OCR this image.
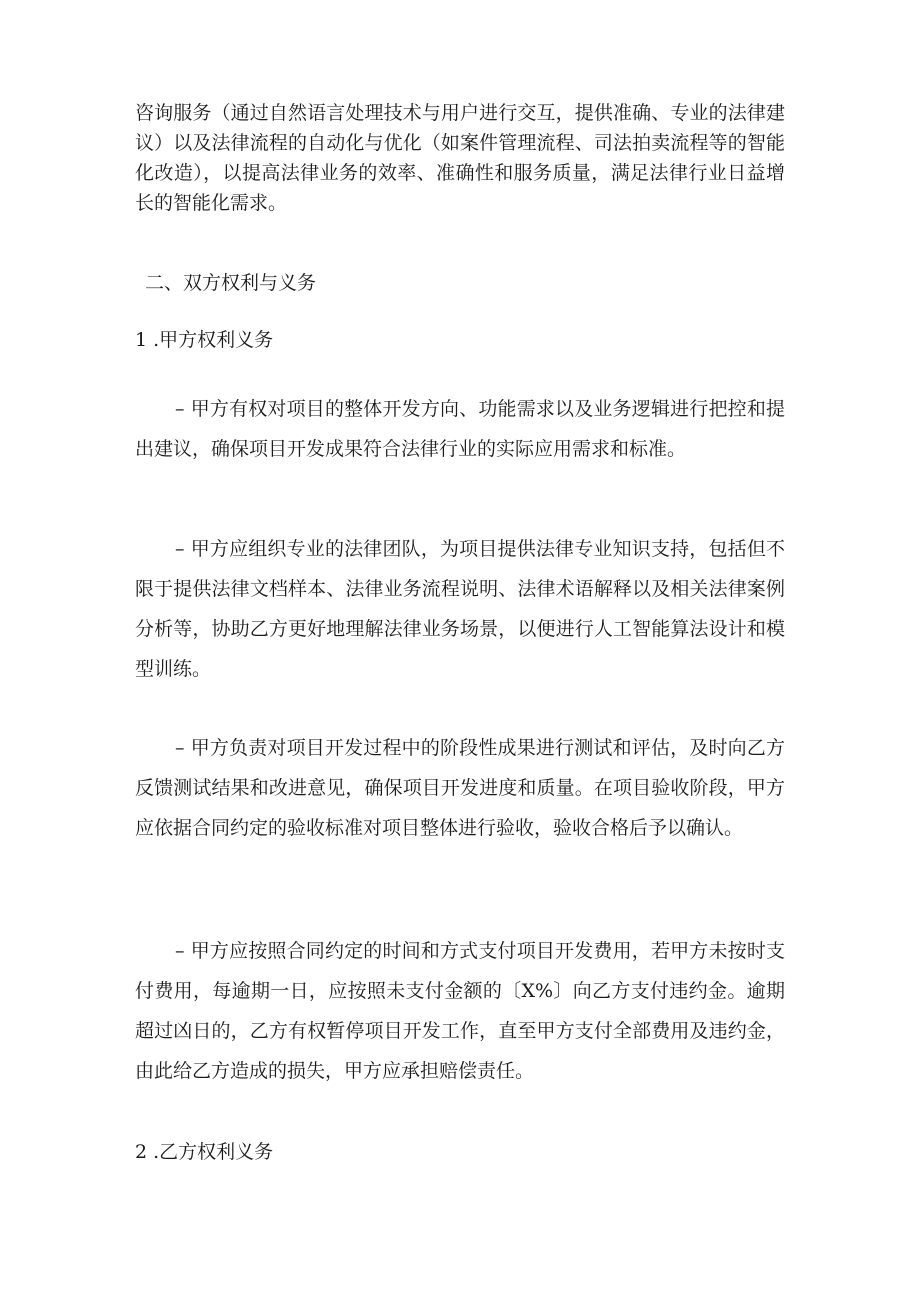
咨询服务（通过自然语言处理技术与用户进行交互，提供准确、专业的法律建议）以及法律流程的自动化与优化（如案件管理流程、司法拍卖流程等的智能化改造），以提高法律业务的效率、准确性和服务质量，满足法律行业日益增长的智能化需求。

二、双方权利与义务

1 .甲方权利义务

– 甲方有权对项目的整体开发方向、功能需求以及业务逻辑进行把控和提出建议，确保项目开发成果符合法律行业的实际应用需求和标准。

– 甲方应组织专业的法律团队，为项目提供法律专业知识支持，包括但不限于提供法律文档样本、法律业务流程说明、法律术语解释以及相关法律案例分析等，协助乙方更好地理解法律业务场景，以便进行人工智能算法设计和模型训练。

– 甲方负责对项目开发过程中的阶段性成果进行测试和评估，及时向乙方反馈测试结果和改进意见，确保项目开发进度和质量。在项目验收阶段，甲方应依据合同约定的验收标准对项目整体进行验收，验收合格后予以确认。

– 甲方应按照合同约定的时间和方式支付项目开发费用，若甲方未按时支付费用，每逾期一日，应按照未支付金额的〔X%〕向乙方支付违约金。逾期超过凶日的，乙方有权暂停项目开发工作，直至甲方支付全部费用及违约金，由此给乙方造成的损失，甲方应承担赔偿责任。

2 .乙方权利义务
